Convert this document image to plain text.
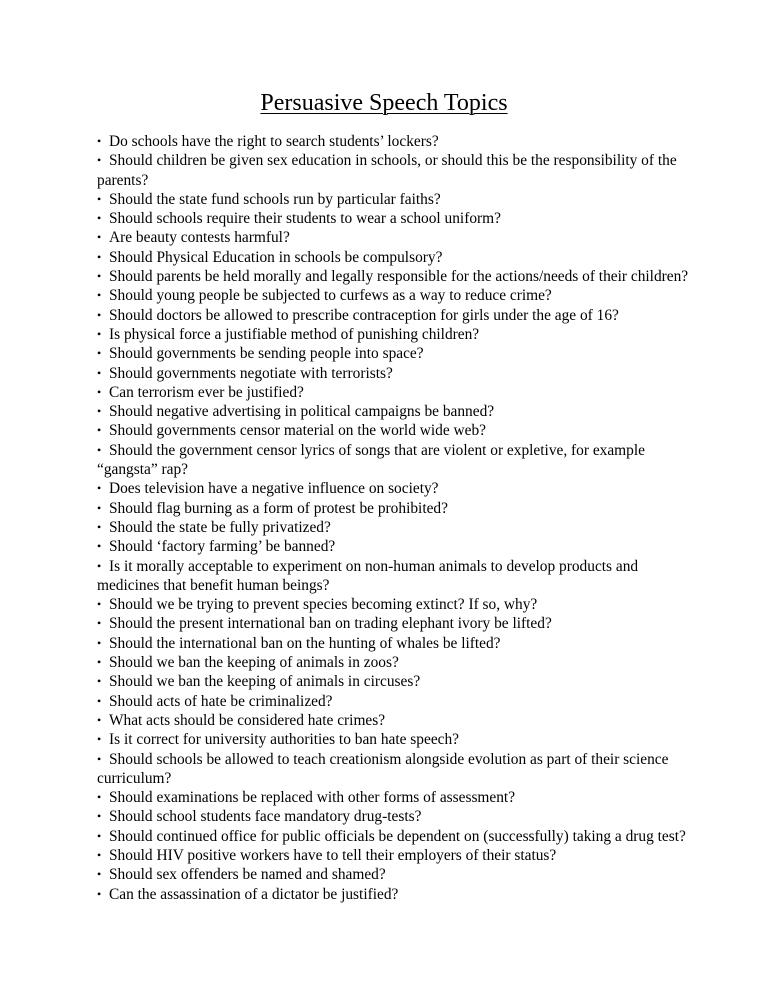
Persuasive Speech Topics
• Do schools have the right to search students’ lockers?
• Should children be given sex education in schools, or should this be the responsibility of the parents?
• Should the state fund schools run by particular faiths?
• Should schools require their students to wear a school uniform?
• Are beauty contests harmful?
• Should Physical Education in schools be compulsory?
• Should parents be held morally and legally responsible for the actions/needs of their children?
• Should young people be subjected to curfews as a way to reduce crime?
• Should doctors be allowed to prescribe contraception for girls under the age of 16?
• Is physical force a justifiable method of punishing children?
• Should governments be sending people into space?
• Should governments negotiate with terrorists?
• Can terrorism ever be justified?
• Should negative advertising in political campaigns be banned?
• Should governments censor material on the world wide web?
• Should the government censor lyrics of songs that are violent or expletive, for example “gangsta” rap?
• Does television have a negative influence on society?
• Should flag burning as a form of protest be prohibited?
• Should the state be fully privatized?
• Should ‘factory farming’ be banned?
• Is it morally acceptable to experiment on non-human animals to develop products and medicines that benefit human beings?
• Should we be trying to prevent species becoming extinct? If so, why?
• Should the present international ban on trading elephant ivory be lifted?
• Should the international ban on the hunting of whales be lifted?
• Should we ban the keeping of animals in zoos?
• Should we ban the keeping of animals in circuses?
• Should acts of hate be criminalized?
• What acts should be considered hate crimes?
• Is it correct for university authorities to ban hate speech?
• Should schools be allowed to teach creationism alongside evolution as part of their science curriculum?
• Should examinations be replaced with other forms of assessment?
• Should school students face mandatory drug-tests?
• Should continued office for public officials be dependent on (successfully) taking a drug test?
• Should HIV positive workers have to tell their employers of their status?
• Should sex offenders be named and shamed?
• Can the assassination of a dictator be justified?
